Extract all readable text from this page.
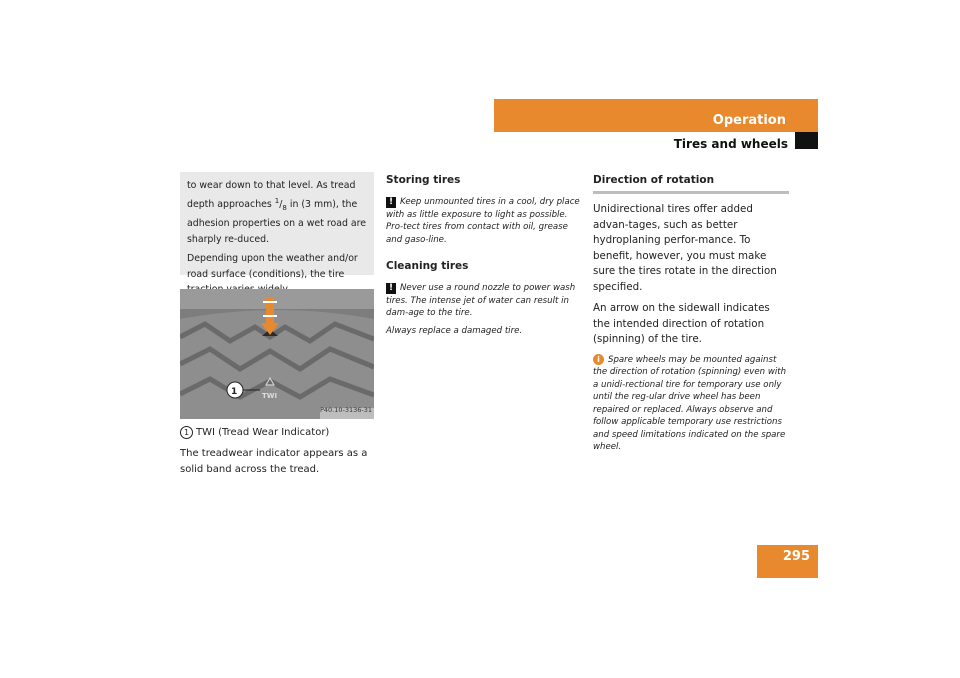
Operation
Tires and wheels

to wear down to that level. As tread depth approaches $^1/_8$ in (3 mm), the adhesion properties on a wet road are sharply re-duced.

Depending upon the weather and/or road surface (conditions), the tire

1	TWI
P40.10-3136-31
1 TWI (Tread Wear Indicator)
The treadwear indicator appears as a solid band across the tread.
Storing tires
! Keep unmounted tires in a cool, dry place with as little exposure to light as possible. Pro-tect tires from contact with oil, grease and gaso-line.
Cleaning tires
! Never use a round nozzle to power wash tires. The intense jet of water can result in dam-age to the tire.
Always replace a damaged tire.
Direction of rotation

Unidirectional tires offer added advan-tages, such as better hydroplaning perfor-mance. To benefit, however, you must make sure the tires rotate in the direction specified.

An arrow on the sidewall indicates the intended direction of rotation (spinning) of the tire.

i Spare wheels may be mounted against the direction of rotation (spinning) even with a unidi-rectional tire for temporary use only until the reg-ular drive wheel has been repaired or replaced. Always observe and follow applicable temporary use restrictions and speed limitations indicated on the spare wheel.
295
